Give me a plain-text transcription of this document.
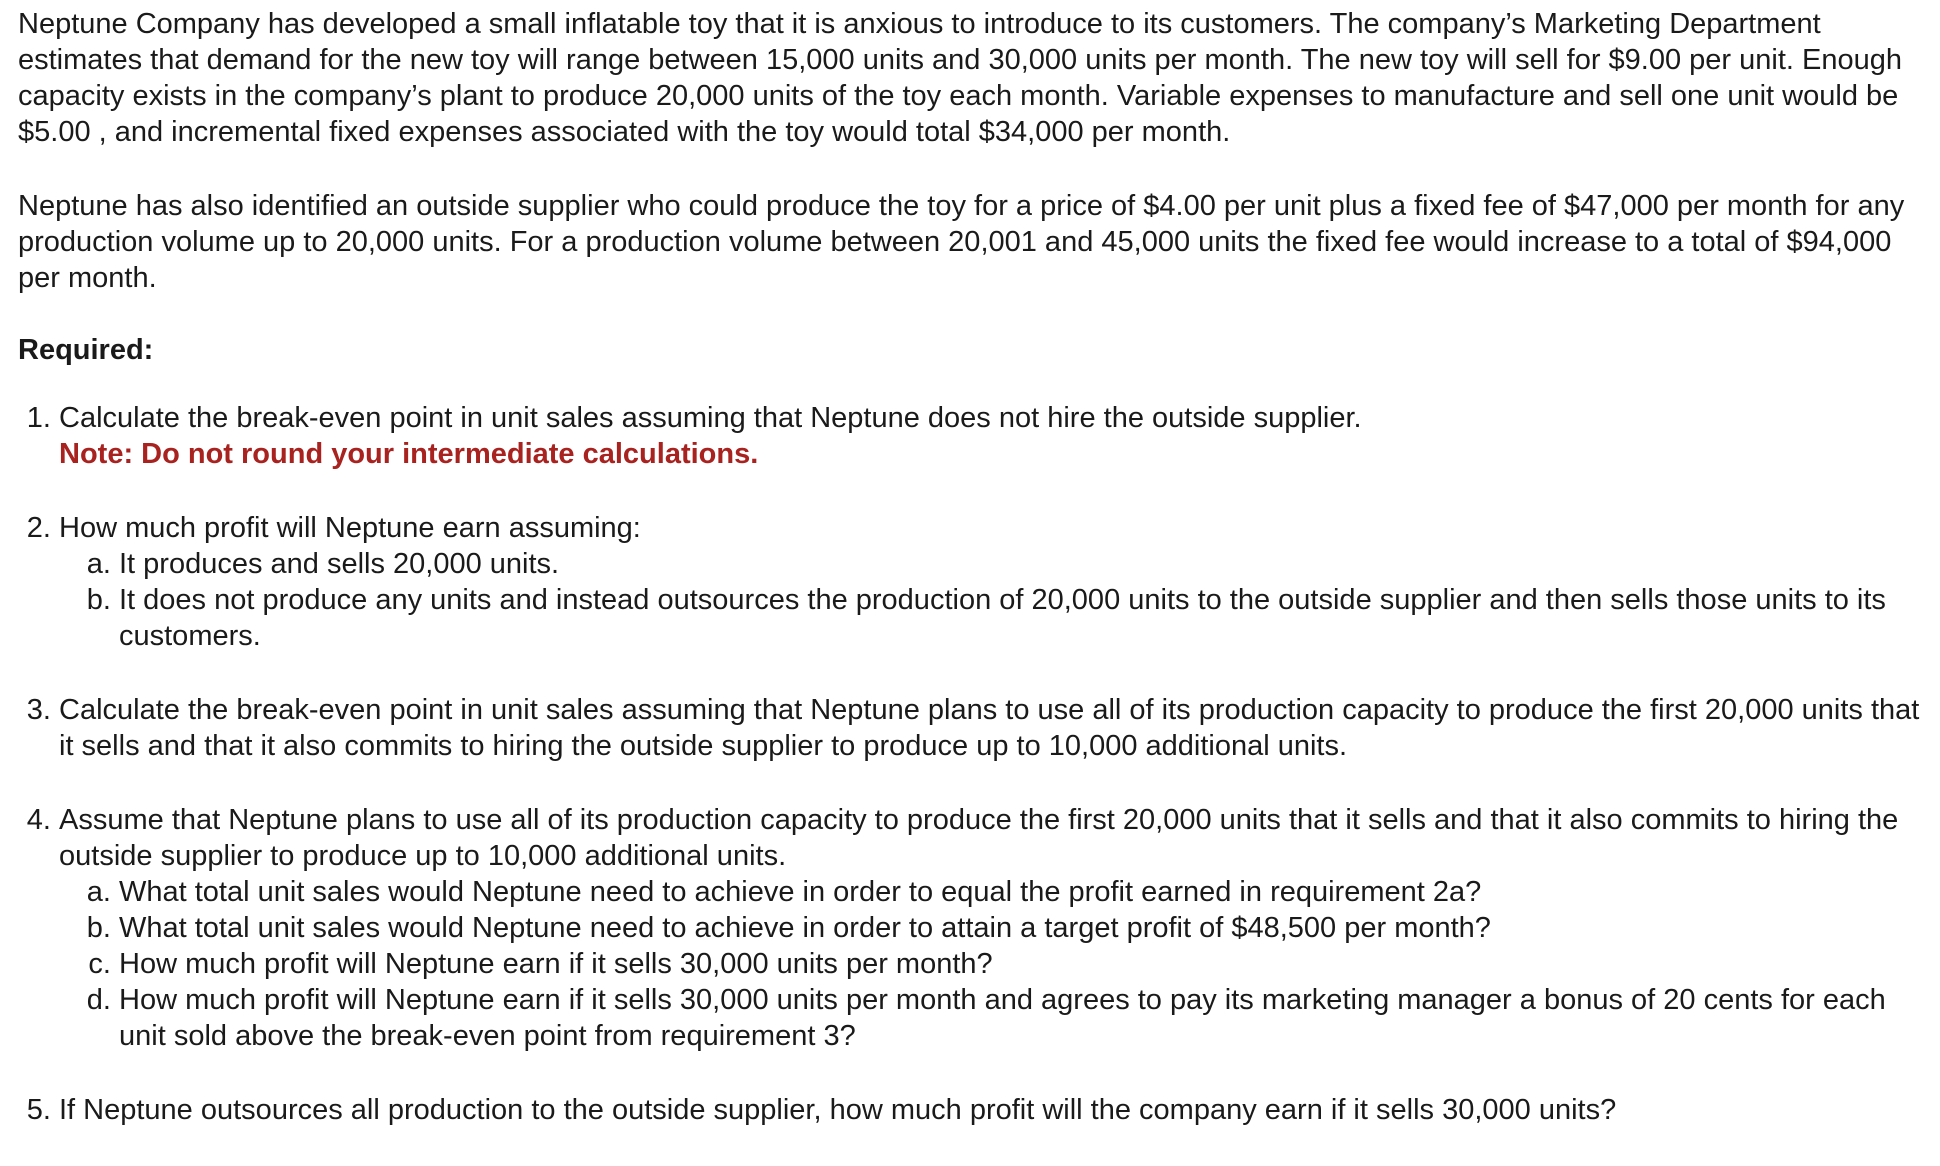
Neptune Company has developed a small inflatable toy that it is anxious to introduce to its customers. The company’s Marketing Department estimates that demand for the new toy will range between 15,000 units and 30,000 units per month. The new toy will sell for $9.00 per unit. Enough capacity exists in the company’s plant to produce 20,000 units of the toy each month. Variable expenses to manufacture and sell one unit would be $5.00 , and incremental fixed expenses associated with the toy would total $34,000 per month.

Neptune has also identified an outside supplier who could produce the toy for a price of $4.00 per unit plus a fixed fee of $47,000 per month for any production volume up to 20,000 units. For a production volume between 20,001 and 45,000 units the fixed fee would increase to a total of $94,000 per month.

Required:

1. Calculate the break-even point in unit sales assuming that Neptune does not hire the outside supplier.
Note: Do not round your intermediate calculations.
2. How much profit will Neptune earn assuming:
a. It produces and sells 20,000 units.
b. It does not produce any units and instead outsources the production of 20,000 units to the outside supplier and then sells those units to its customers.
3. Calculate the break-even point in unit sales assuming that Neptune plans to use all of its production capacity to produce the first 20,000 units that it sells and that it also commits to hiring the outside supplier to produce up to 10,000 additional units.
4. Assume that Neptune plans to use all of its production capacity to produce the first 20,000 units that it sells and that it also commits to hiring the outside supplier to produce up to 10,000 additional units.
a. What total unit sales would Neptune need to achieve in order to equal the profit earned in requirement 2a?
b. What total unit sales would Neptune need to achieve in order to attain a target profit of $48,500 per month?
c. How much profit will Neptune earn if it sells 30,000 units per month?
d. How much profit will Neptune earn if it sells 30,000 units per month and agrees to pay its marketing manager a bonus of 20 cents for each unit sold above the break-even point from requirement 3?
5. If Neptune outsources all production to the outside supplier, how much profit will the company earn if it sells 30,000 units?
